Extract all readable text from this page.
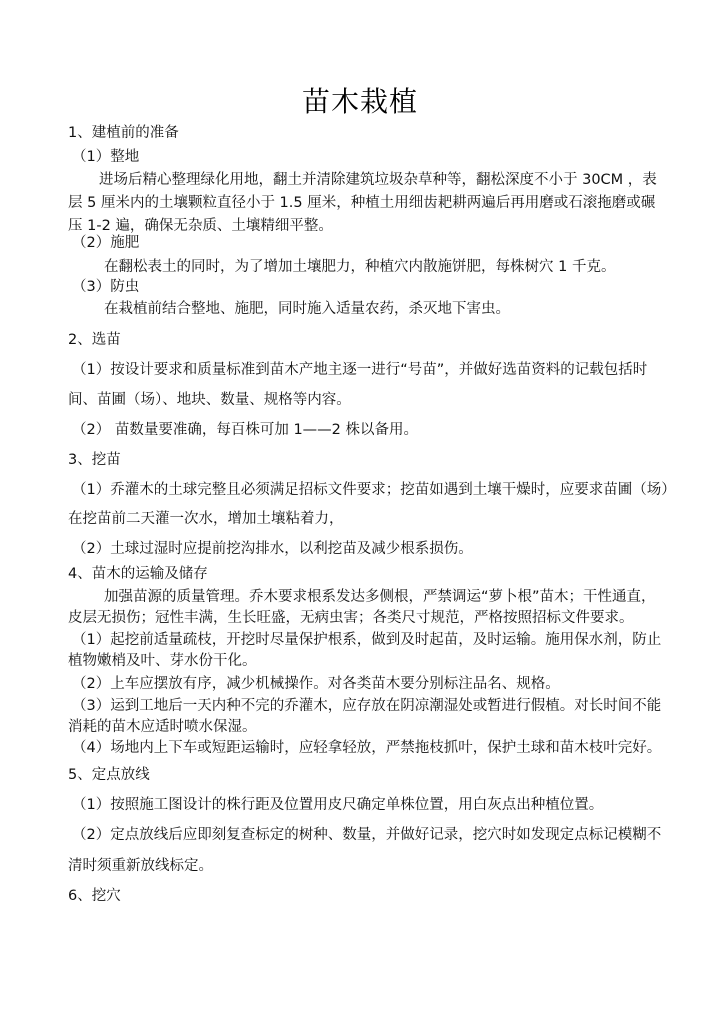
苗木栽植
1、建植前的准备
（1）整地
进场后精心整理绿化用地，翻土并清除建筑垃圾杂草种等，翻松深度不小于 30CM ，表
层 5 厘米内的土壤颗粒直径小于 1.5 厘米，种植土用细齿耙耕两遍后再用磨或石滚拖磨或碾
压 1-2 遍，确保无杂质、土壤精细平整。
（2）施肥
在翻松表土的同时，为了增加土壤肥力，种植穴内散施饼肥，每株树穴 1 千克。
（3）防虫
在栽植前结合整地、施肥，同时施入适量农药，杀灭地下害虫。
2、选苗
（1）按设计要求和质量标准到苗木产地主逐一进行“号苗”，并做好选苗资料的记载包括时
间、苗圃（场）、地块、数量、规格等内容。
（2） 苗数量要准确，每百株可加 1——2 株以备用。
3、挖苗
（1）乔灌木的土球完整且必须满足招标文件要求；挖苗如遇到土壤干燥时，应要求苗圃（场）
在挖苗前二天灌一次水，增加土壤粘着力，
（2）土球过湿时应提前挖沟排水，以利挖苗及减少根系损伤。
4、苗木的运输及储存
加强苗源的质量管理。乔木要求根系发达多侧根，严禁调运“萝卜根”苗木；干性通直，
皮层无损伤；冠性丰满，生长旺盛，无病虫害；各类尺寸规范，严格按照招标文件要求。
（1）起挖前适量疏枝，开挖时尽量保护根系，做到及时起苗，及时运输。施用保水剂，防止
植物嫩梢及叶、芽水份干化。
（2）上车应摆放有序，减少机械操作。对各类苗木要分别标注品名、规格。
（3）运到工地后一天内种不完的乔灌木，应存放在阴凉潮湿处或暂进行假植。对长时间不能
消耗的苗木应适时喷水保湿。
（4）场地内上下车或短距运输时，应轻拿轻放，严禁拖枝抓叶，保护土球和苗木枝叶完好。
5、定点放线
（1）按照施工图设计的株行距及位置用皮尺确定单株位置，用白灰点出种植位置。
（2）定点放线后应即刻复查标定的树种、数量，并做好记录，挖穴时如发现定点标记模糊不
清时须重新放线标定。
6、挖穴
